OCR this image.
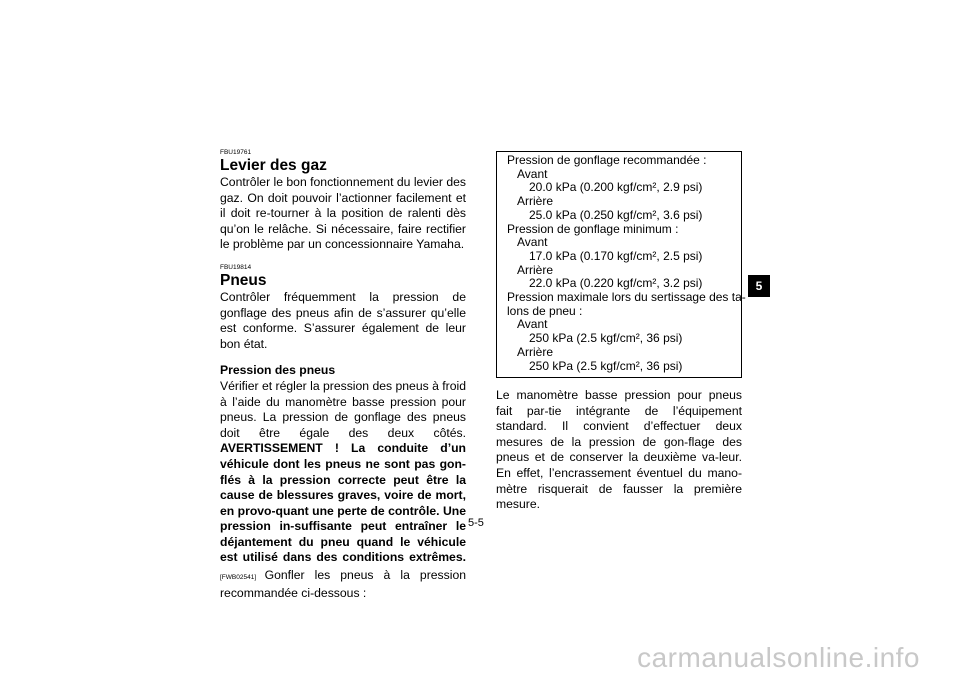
FBU19761
Levier des gaz

Contrôler le bon fonctionnement du levier des gaz. On doit pouvoir l’actionner facilement et il doit re-tourner à la position de ralenti dès qu’on le relâche. Si nécessaire, faire rectifier le problème par un concessionnaire Yamaha.

FBU19814
Pneus

Contrôler fréquemment la pression de gonflage des pneus afin de s’assurer qu’elle est conforme. S’assurer également de leur bon état.

Pression des pneus

Vérifier et régler la pression des pneus à froid à l’aide du manomètre basse pression pour pneus. La pression de gonflage des pneus doit être égale des deux côtés. AVERTISSEMENT ! La conduite d’un véhicule dont les pneus ne sont pas gon-flés à la pression correcte peut être la cause de blessures graves, voire de mort, en provo-quant une perte de contrôle. Une pression in-suffisante peut entraîner le déjantement du pneu quand le véhicule est utilisé dans des conditions extrêmes. [FWB02541] Gonfler les pneus à la pression recommandée ci-dessous :

Pression de gonflage recommandée :
Avant
20.0 kPa (0.200 kgf/cm², 2.9 psi)
Arrière
25.0 kPa (0.250 kgf/cm², 3.6 psi)
Pression de gonflage minimum :
Avant
17.0 kPa (0.170 kgf/cm², 2.5 psi)
Arrière
22.0 kPa (0.220 kgf/cm², 3.2 psi)
Pression maximale lors du sertissage des ta-
lons de pneu :
Avant
250 kPa (2.5 kgf/cm², 36 psi)
Arrière
250 kPa (2.5 kgf/cm², 36 psi)

Le manomètre basse pression pour pneus fait par-tie intégrante de l’équipement standard. Il convient d’effectuer deux mesures de la pression de gon-flage des pneus et de conserver la deuxième va-leur. En effet, l’encrassement éventuel du mano-mètre risquerait de fausser la première mesure.

5
5-5
carmanualsonline.info
